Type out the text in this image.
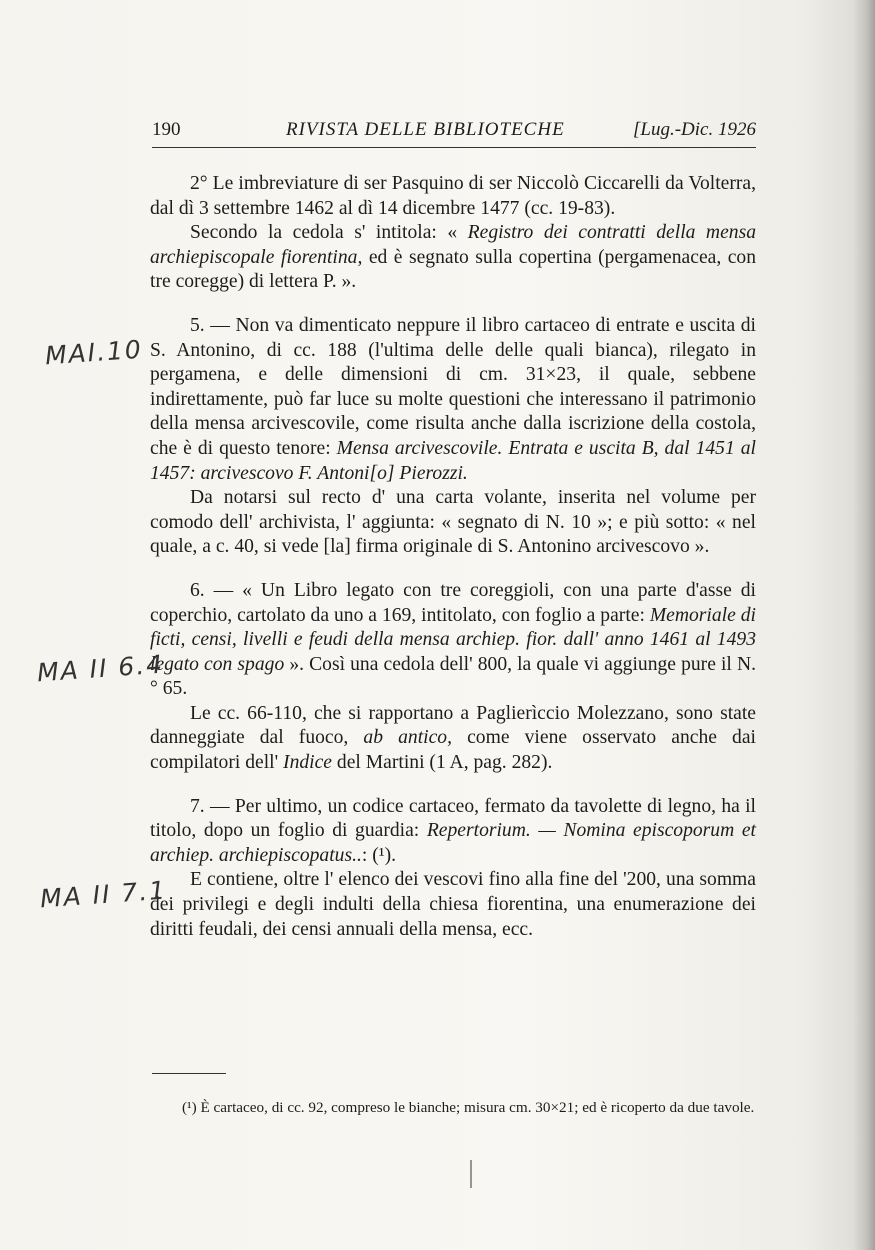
190	RIVISTA DELLE BIBLIOTECHE	[Lug.-Dic. 1926

2° Le imbreviature di ser Pasquino di ser Niccolò Ciccarelli da Volterra, dal dì 3 settembre 1462 al dì 14 dicembre 1477 (cc. 19-83).

Secondo la cedola s' intitola: « Registro dei contratti della mensa archiepiscopale fiorentina, ed è segnato sulla copertina (pergamenacea, con tre coregge) di lettera P. ».

5. — Non va dimenticato neppure il libro cartaceo di entrate e uscita di S. Antonino, di cc. 188 (l'ultima delle delle quali bianca), rilegato in pergamena, e delle dimensioni di cm. 31×23, il quale, sebbene indirettamente, può far luce su molte questioni che interessano il patrimonio della mensa arcivescovile, come risulta anche dalla iscrizione della costola, che è di questo tenore: Mensa arcivescovile. Entrata e uscita B, dal 1451 al 1457: arcivescovo F. Antoni[o] Pierozzi.

Da notarsi sul recto d' una carta volante, inserita nel volume per comodo dell' archivista, l' aggiunta: « segnato di N. 10 »; e più sotto: « nel quale, a c. 40, si vede [la] firma originale di S. Antonino arcivescovo ».

6. — « Un Libro legato con tre coreggioli, con una parte d'asse di coperchio, cartolato da uno a 169, intitolato, con foglio a parte: Memoriale di ficti, censi, livelli e feudi della mensa archiep. fior. dall' anno 1461 al 1493 legato con spago ». Così una cedola dell' 800, la quale vi aggiunge pure il N.° 65.

Le cc. 66-110, che si rapportano a Paglierìccio Molezzano, sono state danneggiate dal fuoco, ab antico, come viene osservato anche dai compilatori dell' Indice del Martini (1 A, pag. 282).

7. — Per ultimo, un codice cartaceo, fermato da tavolette di legno, ha il titolo, dopo un foglio di guardia: Repertorium. — Nomina episcoporum et archiep. archiepiscopatus..: (¹).

E contiene, oltre l' elenco dei vescovi fino alla fine del '200, una somma dei privilegi e degli indulti della chiesa fiorentina, una enumerazione dei diritti feudali, dei censi annuali della mensa, ecc.

(¹) È cartaceo, di cc. 92, compreso le bianche; misura cm. 30×21; ed è ricoperto da due tavole.
MAI.10
MA II 6.4
MA II 7.1
